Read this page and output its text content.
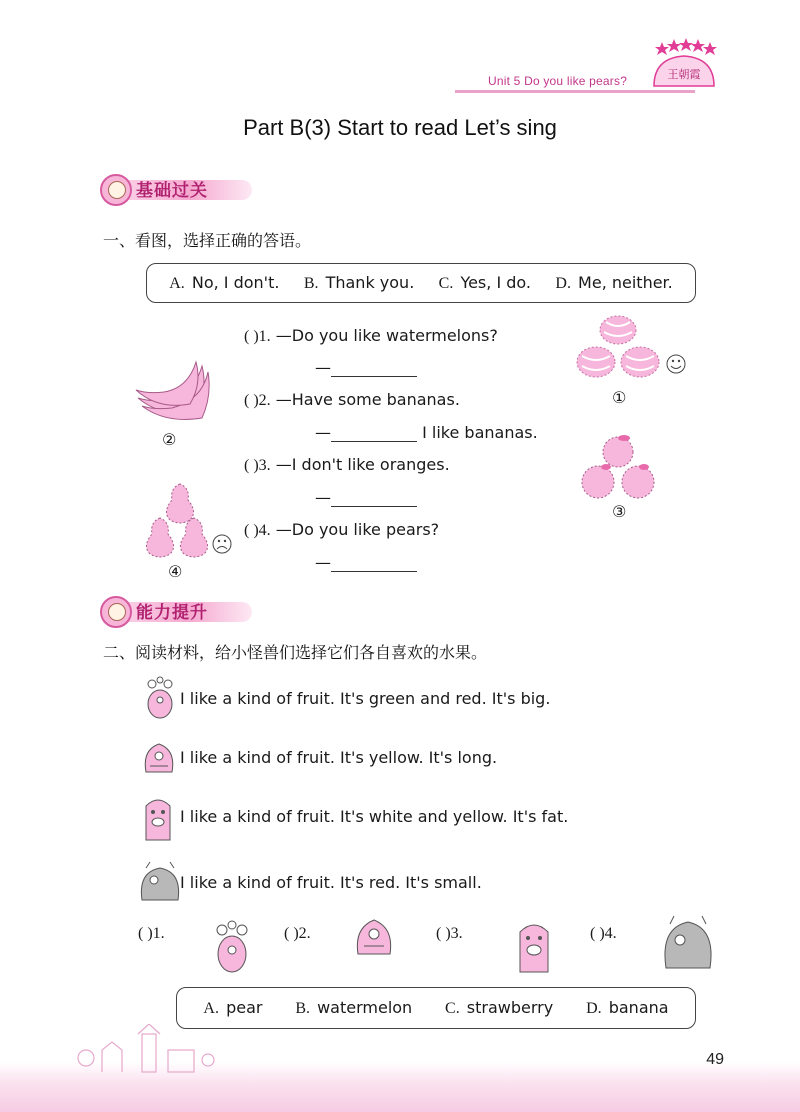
王朝霞
Unit 5 Do you like pears?
Part B(3) Start to read Let’s sing
基础过关
一、看图，选择正确的答语。
A. No, I don't. B. Thank you. C. Yes, I do. D. Me, neither.
( )1. —Do you like watermelons?
—
( )2. —Have some bananas.
—	I like bananas.
( )3. —I don't like oranges.
—
( )4. —Do you like pears?
—
①
②
③
④
能力提升
二、阅读材料，给小怪兽们选择它们各自喜欢的水果。
I like a kind of fruit. It's green and red. It's big.
I like a kind of fruit. It's yellow. It's long.
I like a kind of fruit. It's white and yellow. It's fat.
I like a kind of fruit. It's red. It's small.
( )1.	( )2.	( )3.	( )4.
A. pear B. watermelon C. strawberry D. banana
49
